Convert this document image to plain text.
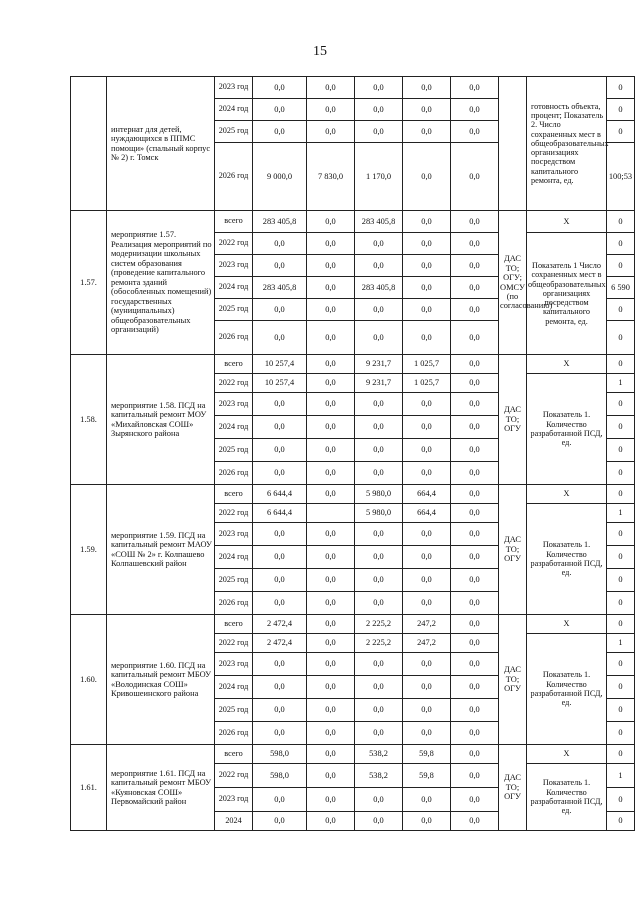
15
	интернат для детей, нуждающихся в ППМС помощи» (спальный корпус № 2) г. Томск	2023 год	0,0	0,0	0,0	0,0	0,0		готовность объекта, процент; Показатель 2. Число сохраненных мест в общеобразовательных организациях посредством капитального ремонта, ед.	0
		2024 год	0,0	0,0	0,0	0,0	0,0			0
		2025 год	0,0	0,0	0,0	0,0	0,0			0
		2026 год	9 000,0	7 830,0	1 170,0	0,0	0,0			100;53
1.57.	мероприятие 1.57. Реализация мероприятий по модернизации школьных систем образования (проведение капитального ремонта зданий (обособленных помещений) государственных (муниципальных) общеобразовательных организаций)	всего	283 405,8	0,0	283 405,8	0,0	0,0	ДАС ТО; ОГУ; ОМСУ (по согласованию)	X	0
		2022 год	0,0	0,0	0,0	0,0	0,0		Показатель 1 Число сохраненных мест в общеобразовательных организациях посредством капитального ремонта, ед.	0
		2023 год	0,0	0,0	0,0	0,0	0,0			0
		2024 год	283 405,8	0,0	283 405,8	0,0	0,0			6 590
		2025 год	0,0	0,0	0,0	0,0	0,0			0
		2026 год	0,0	0,0	0,0	0,0	0,0			0
1.58.	мероприятие 1.58. ПСД на капитальный ремонт МОУ «Михайловская СОШ» Зырянского района	всего	10 257,4	0,0	9 231,7	1 025,7	0,0	ДАС ТО; ОГУ	X	0
		2022 год	10 257,4	0,0	9 231,7	1 025,7	0,0		Показатель 1. Количество разработанной ПСД, ед.	1
		2023 год	0,0	0,0	0,0	0,0	0,0			0
		2024 год	0,0	0,0	0,0	0,0	0,0			0
		2025 год	0,0	0,0	0,0	0,0	0,0			0
		2026 год	0,0	0,0	0,0	0,0	0,0			0
1.59.	мероприятие 1.59. ПСД на капитальный ремонт МАОУ «СОШ № 2» г. Колпашево Колпашевский район	всего	6 644,4	0,0	5 980,0	664,4	0,0	ДАС ТО; ОГУ	X	0
		2022 год	6 644,4		5 980,0	664,4	0,0		Показатель 1. Количество разработанной ПСД, ед.	1
		2023 год	0,0	0,0	0,0	0,0	0,0			0
		2024 год	0,0	0,0	0,0	0,0	0,0			0
		2025 год	0,0	0,0	0,0	0,0	0,0			0
		2026 год	0,0	0,0	0,0	0,0	0,0			0
1.60.	мероприятие 1.60. ПСД на капитальный ремонт МБОУ «Володинская СОШ» Кривошеинского района	всего	2 472,4	0,0	2 225,2	247,2	0,0	ДАС ТО; ОГУ	X	0
		2022 год	2 472,4	0,0	2 225,2	247,2	0,0		Показатель 1. Количество разработанной ПСД, ед.	1
		2023 год	0,0	0,0	0,0	0,0	0,0			0
		2024 год	0,0	0,0	0,0	0,0	0,0			0
		2025 год	0,0	0,0	0,0	0,0	0,0			0
		2026 год	0,0	0,0	0,0	0,0	0,0			0
1.61.	мероприятие 1.61. ПСД на капитальный ремонт МБОУ «Куяновская СОШ» Первомайский район	всего	598,0	0,0	538,2	59,8	0,0	ДАС ТО; ОГУ	X	0
		2022 год	598,0	0,0	538,2	59,8	0,0		Показатель 1. Количество разработанной ПСД, ед.	1
		2023 год	0,0	0,0	0,0	0,0	0,0			0
		2024	0,0	0,0	0,0	0,0	0,0			0
